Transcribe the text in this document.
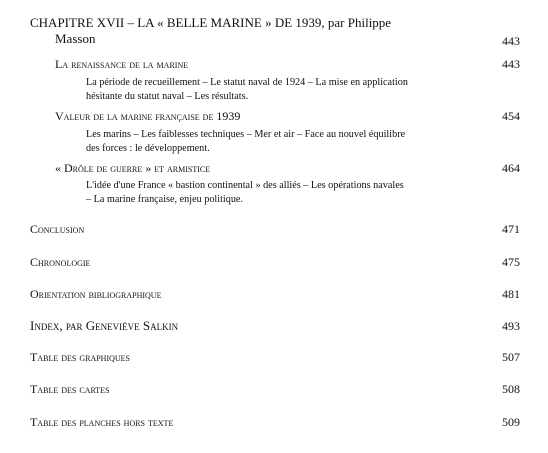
CHAPITRE XVII – LA « BELLE MARINE » DE 1939, par Philippe
Masson	443
La renaissance de la marine	443
La période de recueillement – Le statut naval de 1924 – La mise en application
hésitante du statut naval – Les résultats.
Valeur de la marine française de 1939	454
Les marins – Les faiblesses techniques – Mer et air – Face au nouvel équilibre
des forces : le développement.
« Drôle de guerre » et armistice	464
L'idée d'une France « bastion continental » des alliés – Les opérations navales
– La marine française, enjeu politique.
Conclusion	471
Chronologie	475
Orientation bibliographique	481
Index, par Geneviève Salkin	493
Table des graphiques	507
Table des cartes	508
Table des planches hors texte	509
